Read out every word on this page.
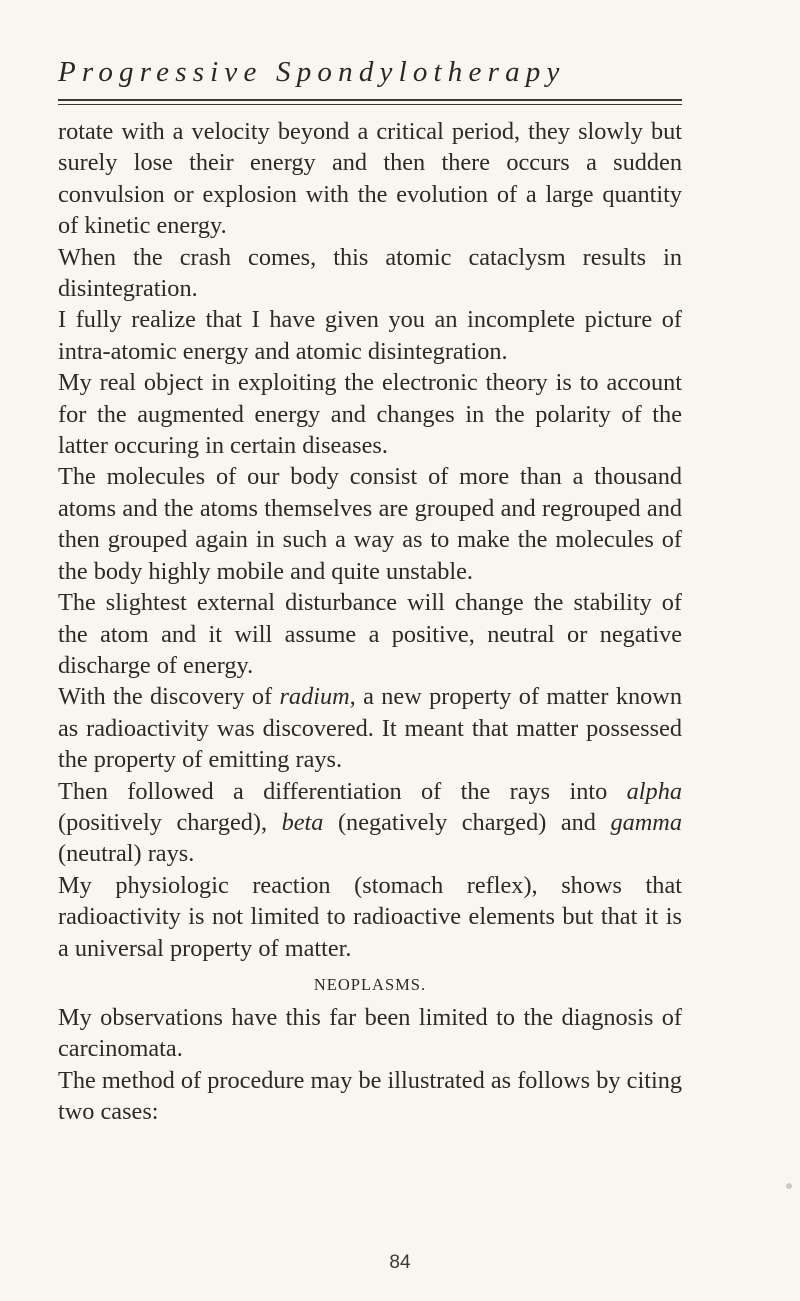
Progressive Spondylotherapy

rotate with a velocity beyond a critical period, they slowly but surely lose their energy and then there occurs a sudden convulsion or explosion with the evolution of a large quantity of kinetic energy.

When the crash comes, this atomic cataclysm results in disintegration.

I fully realize that I have given you an incomplete picture of intra-atomic energy and atomic disintegration.

My real object in exploiting the electronic theory is to account for the augmented energy and changes in the polarity of the latter occuring in certain diseases.

The molecules of our body consist of more than a thousand atoms and the atoms themselves are grouped and regrouped and then grouped again in such a way as to make the molecules of the body highly mobile and quite unstable.

The slightest external disturbance will change the stability of the atom and it will assume a positive, neutral or negative discharge of energy.

With the discovery of radium, a new property of matter known as radioactivity was discovered. It meant that matter possessed the property of emitting rays.

Then followed a differentiation of the rays into alpha (positively charged), beta (negatively charged) and gamma (neutral) rays.

My physiologic reaction (stomach reflex), shows that radioactivity is not limited to radioactive elements but that it is a universal property of matter.

NEOPLASMS.

My observations have this far been limited to the diagnosis of carcinomata.

The method of procedure may be illustrated as follows by citing two cases:

84
